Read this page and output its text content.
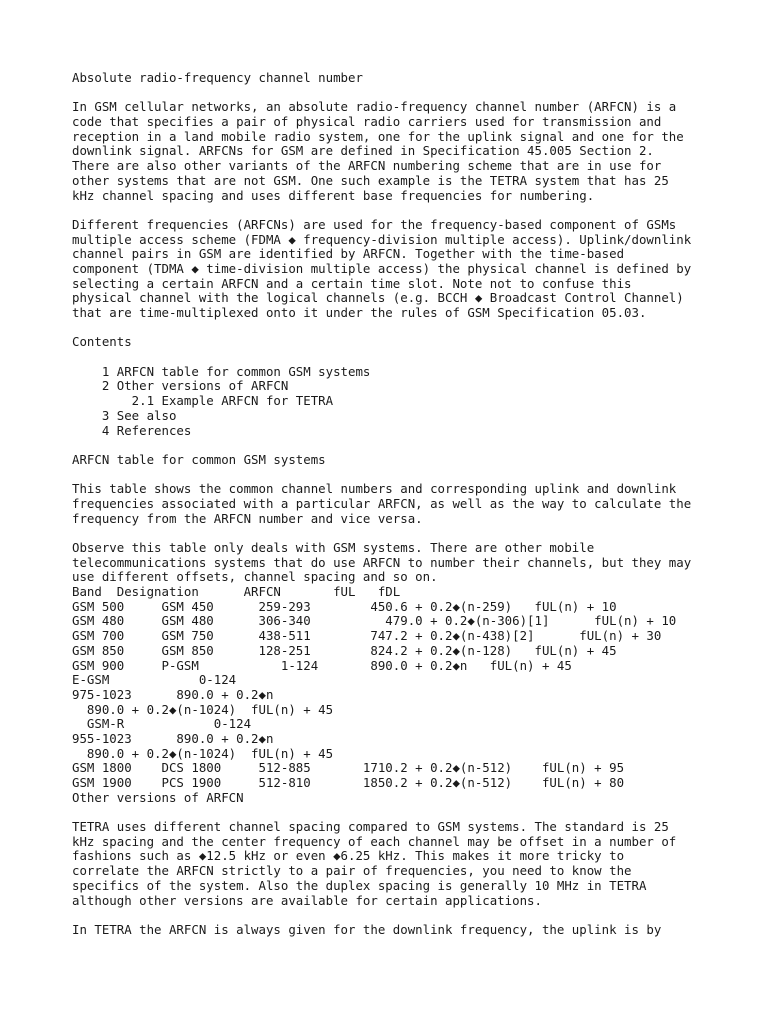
Absolute radio-frequency channel number
In GSM cellular networks, an absolute radio-frequency channel number (ARFCN) is a
code that specifies a pair of physical radio carriers used for transmission and
reception in a land mobile radio system, one for the uplink signal and one for the
downlink signal. ARFCNs for GSM are defined in Specification 45.005 Section 2.
There are also other variants of the ARFCN numbering scheme that are in use for
other systems that are not GSM. One such example is the TETRA system that has 25
kHz channel spacing and uses different base frequencies for numbering.
Different frequencies (ARFCNs) are used for the frequency-based component of GSMs
multiple access scheme (FDMA ◆ frequency-division multiple access). Uplink/downlink
channel pairs in GSM are identified by ARFCN. Together with the time-based
component (TDMA ◆ time-division multiple access) the physical channel is defined by
selecting a certain ARFCN and a certain time slot. Note not to confuse this
physical channel with the logical channels (e.g. BCCH ◆ Broadcast Control Channel)
that are time-multiplexed onto it under the rules of GSM Specification 05.03.
Contents
1 ARFCN table for common GSM systems
2 Other versions of ARFCN
2.1 Example ARFCN for TETRA
3 See also
4 References
ARFCN table for common GSM systems
This table shows the common channel numbers and corresponding uplink and downlink
frequencies associated with a particular ARFCN, as well as the way to calculate the
frequency from the ARFCN number and vice versa.
Observe this table only deals with GSM systems. There are other mobile
telecommunications systems that do use ARFCN to number their channels, but they may
use different offsets, channel spacing and so on.
Band  Designation      ARFCN       fUL   fDL
GSM 500     GSM 450      259-293        450.6 + 0.2◆(n-259)   fUL(n) + 10
GSM 480     GSM 480      306-340          479.0 + 0.2◆(n-306)[1]      fUL(n) + 10
GSM 700     GSM 750      438-511        747.2 + 0.2◆(n-438)[2]      fUL(n) + 30
GSM 850     GSM 850      128-251        824.2 + 0.2◆(n-128)   fUL(n) + 45
GSM 900     P-GSM           1-124       890.0 + 0.2◆n   fUL(n) + 45
E-GSM            0-124
975-1023      890.0 + 0.2◆n
890.0 + 0.2◆(n-1024)  fUL(n) + 45
GSM-R            0-124
955-1023      890.0 + 0.2◆n
890.0 + 0.2◆(n-1024)  fUL(n) + 45
GSM 1800    DCS 1800     512-885       1710.2 + 0.2◆(n-512)    fUL(n) + 95
GSM 1900    PCS 1900     512-810       1850.2 + 0.2◆(n-512)    fUL(n) + 80
Other versions of ARFCN
TETRA uses different channel spacing compared to GSM systems. The standard is 25
kHz spacing and the center frequency of each channel may be offset in a number of
fashions such as ◆12.5 kHz or even ◆6.25 kHz. This makes it more tricky to
correlate the ARFCN strictly to a pair of frequencies, you need to know the
specifics of the system. Also the duplex spacing is generally 10 MHz in TETRA
although other versions are available for certain applications.
In TETRA the ARFCN is always given for the downlink frequency, the uplink is by
